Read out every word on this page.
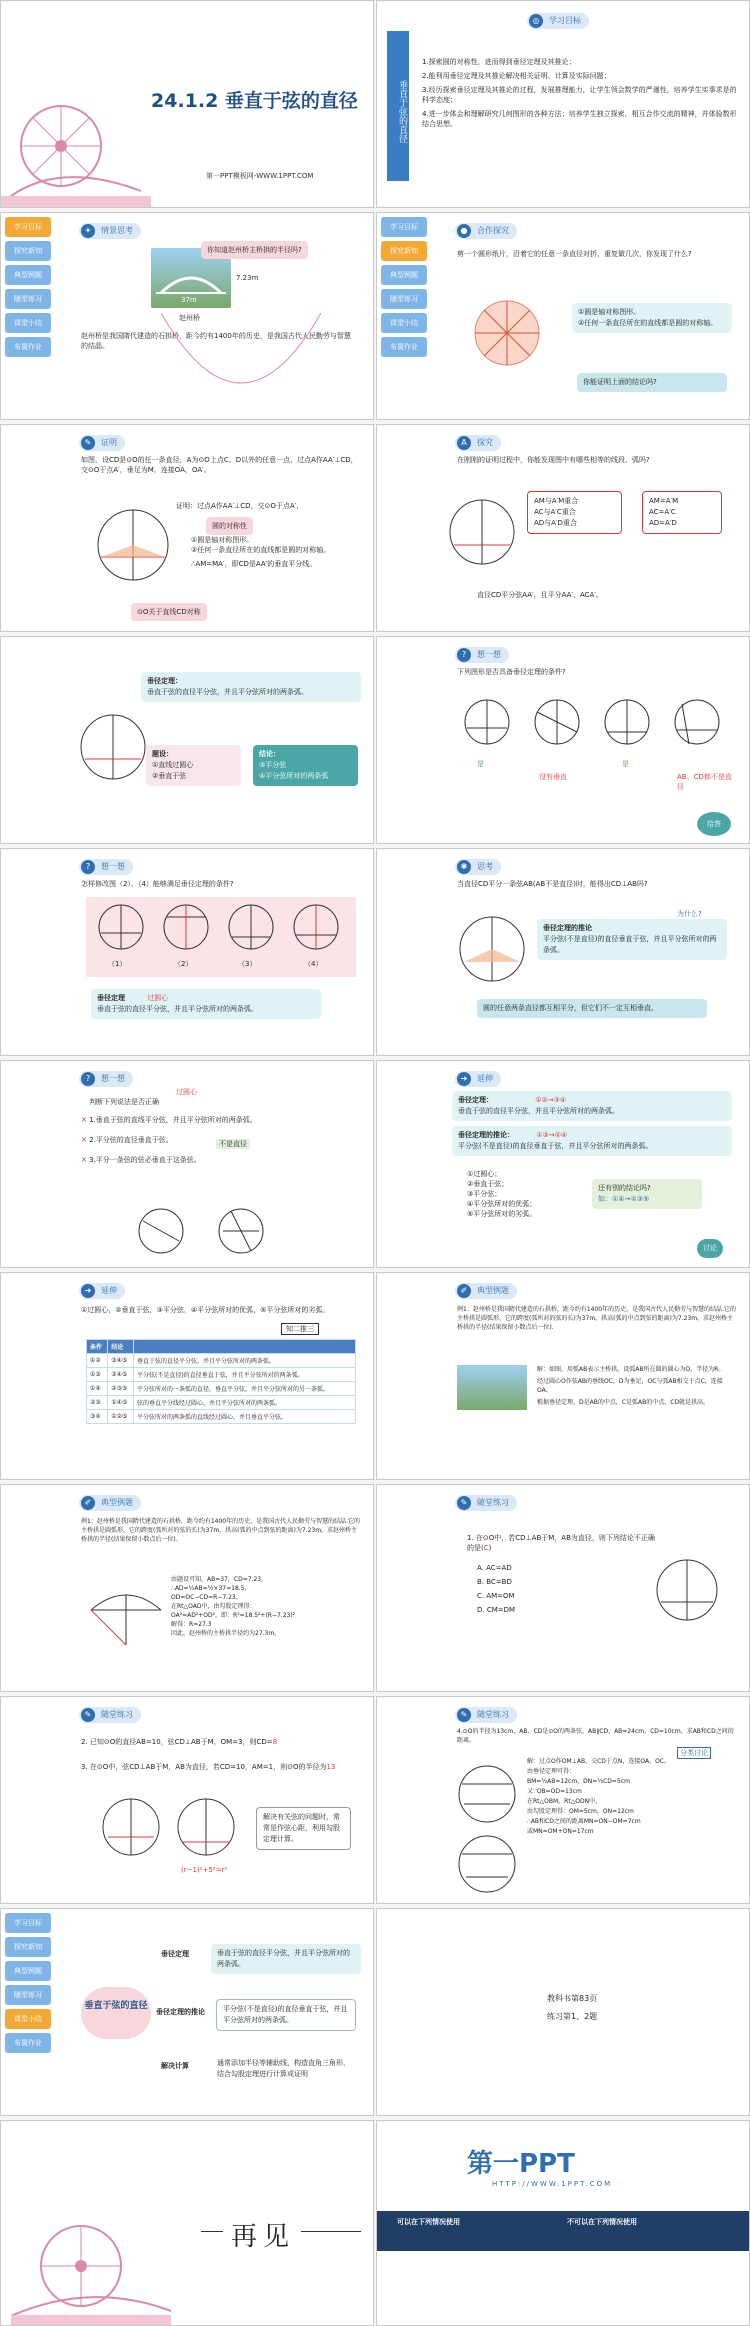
24.1.2 垂直于弦的直径
第一PPT模板网-WWW.1PPT.COM
垂直于弦的直径
◎	学习目标
1.探索圆的对称性，进而得到垂径定理及其推论；
2.能利用垂径定理及其推论解决相关证明、计算及实际问题；
3.经历探索垂径定理及其推论的过程，发展推理能力，让学生领会数学的严谨性，培养学生实事求是的科学态度；
4.进一步体会和理解研究几何图形的各种方法；培养学生独立探索，相互合作交流的精神，并体验数形结合思想。
学习目标
探究新知
典型例题
随堂练习
课堂小结
布置作业
✦	情景思考
37m
7.23m
你知道赵州桥主桥拱的半径吗?
赵州桥
赵州桥是我国隋代建造的石拱桥，距今约有1400年的历史，是我国古代人民勤劳与智慧的结晶。
学习目标
探究新知
典型例题
随堂练习
课堂小结
布置作业
●	合作探究
剪一个圆形纸片，沿着它的任意一条直径对折，重复做几次，你发现了什么?
①圆是轴对称图形。
②任何一条直径所在的直线都是圆的对称轴。
你能证明上面的结论吗?
✎	证明
如图，设CD是⊙O的任一条直径，A为⊙O上点C、D以外的任意一点，过点A作AA′⊥CD，交⊙O于点A′，垂足为M，连接OA，OA′。
证明：过点A作AA′⊥CD，交⊙O于点A′，
圆的对称性
①圆是轴对称图形。
②任何一条直径所在的直线都是圆的对称轴。
∴AM=MA′，即CD是AA′的垂直平分线。
⊙O关于直线CD对称
A	探究
在刚刚的证明过程中，你能发现图中有哪些相等的线段、弧吗?
AM与A′M重合
AC与A′C重合
AD与A′D重合
AM=A′M
AC=A′C
AD=A′D
直径CD平分弦AA′，且平分AA′、ACA′。
垂径定理：
垂直于弦的直径平分弦，并且平分弦所对的两条弧。
题设：
①直线过圆心
②垂直于弦
结论：
③平分弦
④平分弦所对的两条弧
?	想一想
下列图形是否具备垂径定理的条件?
是
没有垂直
是
AB、CD都不是直径
给答
?	想一想
怎样修改图（2）、（4）能够满足垂径定理的条件?
（1）	（2）	（3）	（4）
垂径定理	过圆心
垂直于弦的直径平分弦，并且平分弦所对的两条弧。
✱	思考
当直径CD平分一条弦AB(AB不是直径)时，能得出CD⊥AB吗?
垂径定理的推论
平分弦(不是直径)的直径垂直于弦，并且平分弦所对的两条弧。
为什么?
圆的任意两条直径都互相平分，但它们不一定互相垂直。
?	想一想
判断下列说法是否正确
过圆心
✕ 1.垂直于弦的直线平分弦，并且平分弦所对的两条弧。
✕ 2.平分弦的直径垂直于弦。
✕ 3.平分一条弦的弦必垂直于这条弦。
不是直径
➜	延伸
垂径定理：	①②→③④
垂直于弦的直径平分弦，并且平分弦所对的两条弧。
垂径定理的推论：	①③→②④
平分弦(不是直径)的直径垂直于弦，并且平分弦所对的两条弧。
①过圆心；
②垂直于弦；
③平分弦；
④平分弦所对的优弧；
⑤平分弦所对的劣弧。
还有别的结论吗?
如：①④→②③⑤
讨论
➜	延伸
①过圆心，②垂直于弦，③平分弦，④平分弦所对的优弧，⑤平分弦所对的劣弧。
知二推三
条件	结论	
①②	③④⑤	垂直于弦的直径平分弦，并且平分弦所对的两条弧。
①③	②④⑤	平分弦(不是直径)的直径垂直于弦，并且平分弦所对的两条弧。
①④	②③⑤	平分弦所对的一条弧的直径，垂直平分弦，并且平分弦所对的另一条弧。
②③	①④⑤	弦的垂直平分线经过圆心，并且平分弦所对的两条弧。
③④	①②⑤	平分弦所对的两条弧的直线经过圆心，并且垂直平分弦。
✐	典型例题
例1：赵州桥是我国隋代建造的石拱桥，距今约有1400年的历史，是我国古代人民勤劳与智慧的结晶.它的主桥拱是圆弧形，它的跨度(弧所对的弦的长)为37m，拱高(弧的中点到弦的距离)为7.23m，求赵州桥主桥拱的半径(结果保留小数点后一位).
解：如图，用弧AB表示主桥拱，设弧AB所在圆的圆心为O，半径为R。
经过圆心O作弦AB的垂线OC，D为垂足，OC与弧AB相交于点C，连接OA。
根据垂径定理，D是AB的中点，C是弧AB的中点，CD就是拱高。
✐	典型例题
例1：赵州桥是我国隋代建造的石拱桥，距今约有1400年的历史，是我国古代人民勤劳与智慧的结晶.它的主桥拱是圆弧形，它的跨度(弧所对的弦的长)为37m，拱高(弧的中点到弦的距离)为7.23m，求赵州桥主桥拱的半径(结果保留小数点后一位).
由题设可知，AB=37，CD=7.23，
∴AD=½AB=½×37=18.5，
OD=OC−CD=R−7.23。
在Rt△OAD中，由勾股定理得：
OA²=AD²+OD²，即：R²=18.5²+(R−7.23)²
解得：R≈27.3
因此，赵州桥的主桥拱半径约为27.3m。
✎	随堂练习
1. 在⊙O中，若CD⊥AB于M，AB为直径，则下列结论不正确的是(C)
A. AC=AD
B. BC=BD
C. AM=OM
D. CM=DM
✎	随堂练习
2. 已知⊙O的直径AB=10，弦CD⊥AB于M，OM=3，则CD=8
3. 在⊙O中，弦CD⊥AB于M，AB为直径，若CD=10，AM=1，则⊙O的半径为13
(r−1)²+5²=r²
解决有关弦的问题时，常常是作弦心距，利用勾股定理计算。
✎	随堂练习
4.⊙O的半径为13cm，AB、CD是⊙O的两条弦，AB∥CD，AB=24cm，CD=10cm，求AB和CD之间的距离。
分类讨论
解：过点O作OM⊥AB，交CD于点N，连接OA、OC。
由垂径定理可得：
BM=½AB=12cm，DN=½CD=5cm
又∵OB=OD=13cm
在Rt△OBM，Rt△ODN中，
由勾股定理得：OM=5cm，ON=12cm
∴AB和CD之间的距离MN=ON−OM=7cm
或MN=OM+ON=17cm
学习目标
探究新知
典型例题
随堂练习
课堂小结
布置作业
垂直于弦的直径
垂径定理	垂直于弦的直径平分弦，并且平分弦所对的两条弧。
垂径定理的推论	平分弦(不是直径)的直径垂直于弦，并且平分弦所对的两条弧。
解决计算	通常添加半径等辅助线，构造直角三角形，结合勾股定理进行计算或证明
教科书第83页
练习第1、2题
再见
第一PPT
HTTP://WWW.1PPT.COM
可以在下列情况使用	不可以在下列情况使用
